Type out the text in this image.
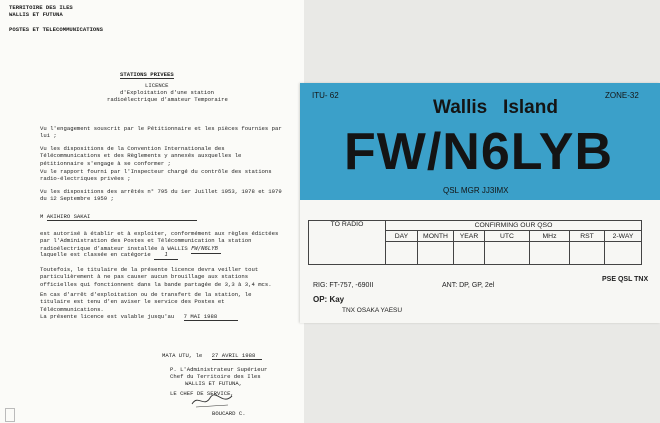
TERRITOIRE DES ILES
WALLIS ET FUTUNA
POSTES ET TELECOMMUNICATIONS
STATIONS PRIVEES
LICENCE
d'Exploitation d'une station
radioélectrique d'amateur Temporaire
Vu l'engagement souscrit par le Pétitionnaire et les pièces fournies par lui ;
Vu les dispositions de la Convention Internationale des Télécommunications et des Règlements y annexés auxquelles le pétitionnaire s'engage à se conformer ;
Vu le rapport fourni par l'Inspecteur chargé du contrôle des stations radio-électriques privées ;
Vu les dispositions des arrêtés n° 795 du 1er Juillet 1953, 1078 et 1079 du 12 Septembre 1959 ;
M AKIHIRO SAKAI
est autorisé à établir et à exploiter, conformément aux règles édictées par l'Administration des Postes et Télécommunication la station radioélectrique d'amateur installée à WALLIS FW/N6LYB
laquelle est classée en catégorie 1
Toutefois, le titulaire de la présente licence devra veiller tout particulièrement à ne pas causer aucun brouillage aux stations officielles qui fonctionnent dans la bande partagée de 3,3 à 3,4 mcs.
En cas d'arrêt d'exploitation ou de transfert de la station, le titulaire est tenu d'en aviser le service des Postes et Télécommunications.
La présente licence est valable jusqu'au 7 MAI 1988
MATA UTU, le 27 AVRIL 1988
P. L'Administrateur Supérieur
Chef du Territoire des Iles
WALLIS ET FUTUNA,
LE CHEF DE SERVICE,
BOUCARD C.
ITU- 62	ZONE-32
Wallis   Island
FW/N6LYB
QSL MGR JJ3IMX
TO RADIO	CONFIRMING OUR QSO						
	DAY	MONTH	YEAR	UTC	MHz	RST	2-WAY

PSE QSL TNX
RIG: FT-757, -690II	ANT: DP, GP, 2el
OP: Kay
TNX OSAKA YAESU
